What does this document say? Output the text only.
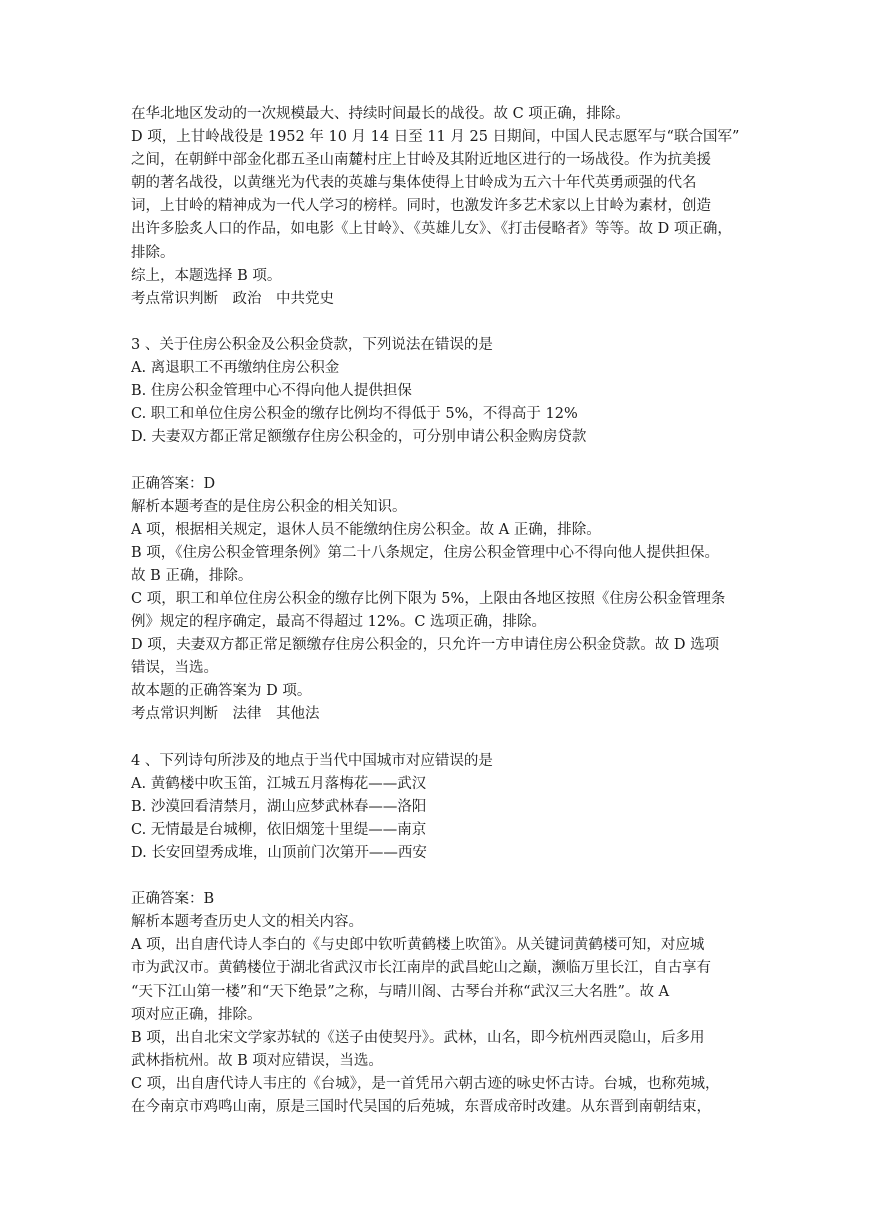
在华北地区发动的一次规模最大、持续时间最长的战役。故 C 项正确，排除。
D 项，上甘岭战役是 1952 年 10 月 14 日至 11 月 25 日期间，中国人民志愿军与“联合国军”
之间，在朝鲜中部金化郡五圣山南麓村庄上甘岭及其附近地区进行的一场战役。作为抗美援
朝的著名战役，以黄继光为代表的英雄与集体使得上甘岭成为五六十年代英勇顽强的代名
词，上甘岭的精神成为一代人学习的榜样。同时，也激发许多艺术家以上甘岭为素材，创造
出许多脍炙人口的作品，如电影《上甘岭》、《英雄儿女》、《打击侵略者》等等。故 D 项正确，
排除。
综上，本题选择 B 项。
考点常识判断　政治　中共党史
3 、关于住房公积金及公积金贷款，下列说法在错误的是
A. 离退职工不再缴纳住房公积金
B. 住房公积金管理中心不得向他人提供担保
C. 职工和单位住房公积金的缴存比例均不得低于 5%，不得高于 12%
D. 夫妻双方都正常足额缴存住房公积金的，可分别申请公积金购房贷款
正确答案：D
解析本题考查的是住房公积金的相关知识。
A 项，根据相关规定，退休人员不能缴纳住房公积金。故 A 正确，排除。
B 项，《住房公积金管理条例》第二十八条规定，住房公积金管理中心不得向他人提供担保。
故 B 正确，排除。
C 项，职工和单位住房公积金的缴存比例下限为 5%，上限由各地区按照《住房公积金管理条
例》规定的程序确定，最高不得超过 12%。C 选项正确，排除。
D 项，夫妻双方都正常足额缴存住房公积金的，只允许一方申请住房公积金贷款。故 D 选项
错误，当选。
故本题的正确答案为 D 项。
考点常识判断　法律　其他法
4 、下列诗句所涉及的地点于当代中国城市对应错误的是
A. 黄鹤楼中吹玉笛，江城五月落梅花——武汉
B. 沙漠回看清禁月，湖山应梦武林春——洛阳
C. 无情最是台城柳，依旧烟笼十里缇——南京
D. 长安回望秀成堆，山顶前门次第开——西安
正确答案：B
解析本题考查历史人文的相关内容。
A 项，出自唐代诗人李白的《与史郎中钦听黄鹤楼上吹笛》。从关键词黄鹤楼可知，对应城
市为武汉市。黄鹤楼位于湖北省武汉市长江南岸的武昌蛇山之巅，濒临万里长江，自古享有
“天下江山第一楼”和“天下绝景”之称，与晴川阁、古琴台并称“武汉三大名胜”。故 A
项对应正确，排除。
B 项，出自北宋文学家苏轼的《送子由使契丹》。武林，山名，即今杭州西灵隐山，后多用
武林指杭州。故 B 项对应错误，当选。
C 项，出自唐代诗人韦庄的《台城》，是一首凭吊六朝古迹的咏史怀古诗。台城，也称苑城，
在今南京市鸡鸣山南，原是三国时代吴国的后苑城，东晋成帝时改建。从东晋到南朝结束，
